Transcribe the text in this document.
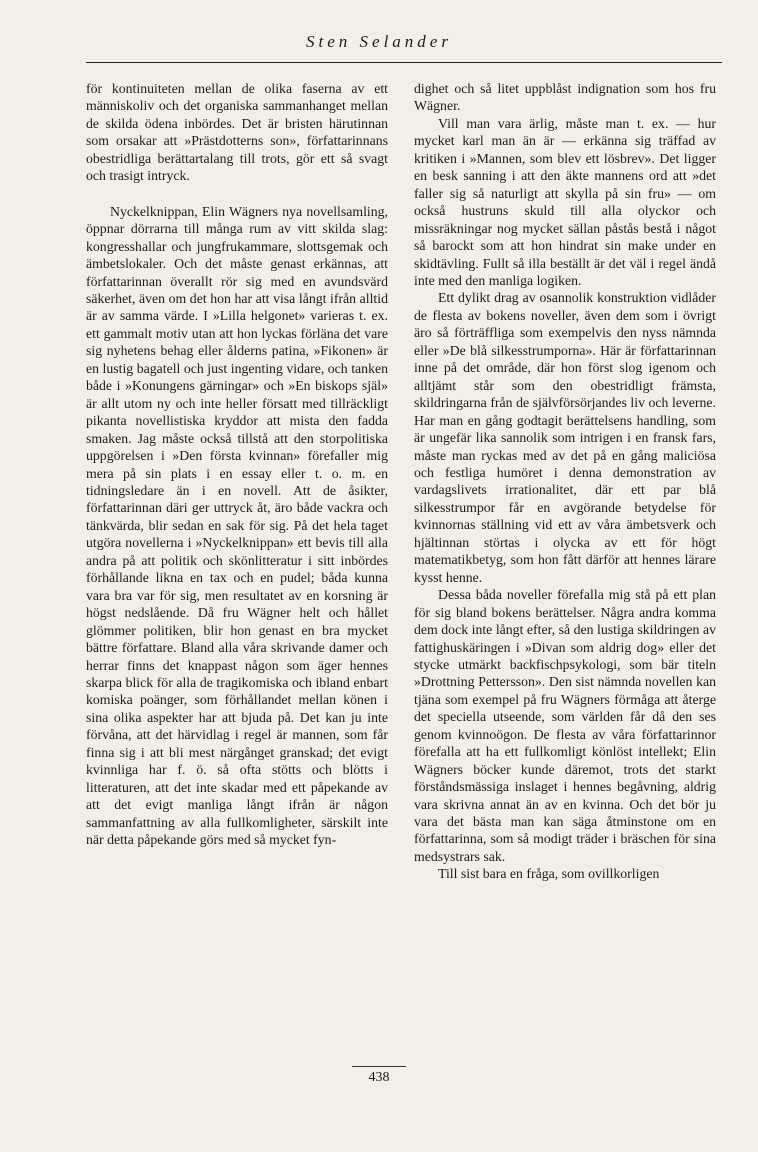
Sten Selander

för kontinuiteten mellan de olika faserna av ett människoliv och det organiska sammanhanget mellan de skilda ödena inbördes. Det är bristen härutinnan som orsakar att »Prästdotterns son», författarinnans obestridliga berättartalang till trots, gör ett så svagt och trasigt intryck.

Nyckelknippan, Elin Wägners nya novellsamling, öppnar dörrarna till många rum av vitt skilda slag: kongresshallar och jungfrukammare, slottsgemak och ämbetslokaler. Och det måste genast erkännas, att författarinnan överallt rör sig med en avundsvärd säkerhet, även om det hon har att visa långt ifrån alltid är av samma värde. I »Lilla helgonet» varieras t. ex. ett gammalt motiv utan att hon lyckas förläna det vare sig nyhetens behag eller ålderns patina, »Fikonen» är en lustig bagatell och just ingenting vidare, och tanken både i »Konungens gärningar» och »En biskops själ» är allt utom ny och inte heller försatt med tillräckligt pikanta novellistiska kryddor att mista den fadda smaken. Jag måste också tillstå att den storpolitiska uppgörelsen i »Den första kvinnan» förefaller mig mera på sin plats i en essay eller t. o. m. en tidningsledare än i en novell. Att de åsikter, författarinnan däri ger uttryck åt, äro både vackra och tänkvärda, blir sedan en sak för sig. På det hela taget utgöra novellerna i »Nyckelknippan» ett bevis till alla andra på att politik och skönlitteratur i sitt inbördes förhållande likna en tax och en pudel; båda kunna vara bra var för sig, men resultatet av en korsning är högst nedslående. Då fru Wägner helt och hållet glömmer politiken, blir hon genast en bra mycket bättre författare. Bland alla våra skrivande damer och herrar finns det knappast någon som äger hennes skarpa blick för alla de tragikomiska och ibland enbart komiska poänger, som förhållandet mellan könen i sina olika aspekter har att bjuda på. Det kan ju inte förvåna, att det härvidlag i regel är mannen, som får finna sig i att bli mest närgånget granskad; det evigt kvinnliga har f. ö. så ofta stötts och blötts i litteraturen, att det inte skadar med ett påpekande av att det evigt manliga långt ifrån är någon sammanfattning av alla fullkomligheter, särskilt inte när detta påpekande görs med så mycket fyn-

dighet och så litet uppblåst indignation som hos fru Wägner.

Vill man vara ärlig, måste man t. ex. — hur mycket karl man än är — erkänna sig träffad av kritiken i »Mannen, som blev ett lösbrev». Det ligger en besk sanning i att den äkte mannens ord att »det faller sig så naturligt att skylla på sin fru» — om också hustruns skuld till alla olyckor och missräkningar nog mycket sällan påstås bestå i något så barockt som att hon hindrat sin make under en skidtävling. Fullt så illa beställt är det väl i regel ändå inte med den manliga logiken.

Ett dylikt drag av osannolik konstruktion vidlåder de flesta av bokens noveller, även dem som i övrigt äro så förträffliga som exempelvis den nyss nämnda eller »De blå silkesstrumporna». Här är författarinnan inne på det område, där hon först slog igenom och alltjämt står som den obestridligt främsta, skildringarna från de självförsörjandes liv och leverne. Har man en gång godtagit berättelsens handling, som är ungefär lika sannolik som intrigen i en fransk fars, måste man ryckas med av det på en gång maliciösa och festliga humöret i denna demonstration av vardagslivets irrationalitet, där ett par blå silkesstrumpor får en avgörande betydelse för kvinnornas ställning vid ett av våra ämbetsverk och hjältinnan störtas i olycka av ett för högt matematikbetyg, som hon fått därför att hennes lärare kysst henne.

Dessa båda noveller förefalla mig stå på ett plan för sig bland bokens berättelser. Några andra komma dem dock inte långt efter, så den lustiga skildringen av fattighuskäringen i »Divan som aldrig dog» eller det stycke utmärkt backfischpsykologi, som bär titeln »Drottning Pettersson». Den sist nämnda novellen kan tjäna som exempel på fru Wägners förmåga att återge det speciella utseende, som världen får då den ses genom kvinnoögon. De flesta av våra författarinnor förefalla att ha ett fullkomligt könlöst intellekt; Elin Wägners böcker kunde däremot, trots det starkt förståndsmässiga inslaget i hennes begåvning, aldrig vara skrivna annat än av en kvinna. Och det bör ju vara det bästa man kan säga åtminstone om en författarinna, som så modigt träder i bräschen för sina medsystrars sak.

Till sist bara en fråga, som ovillkorligen

438
